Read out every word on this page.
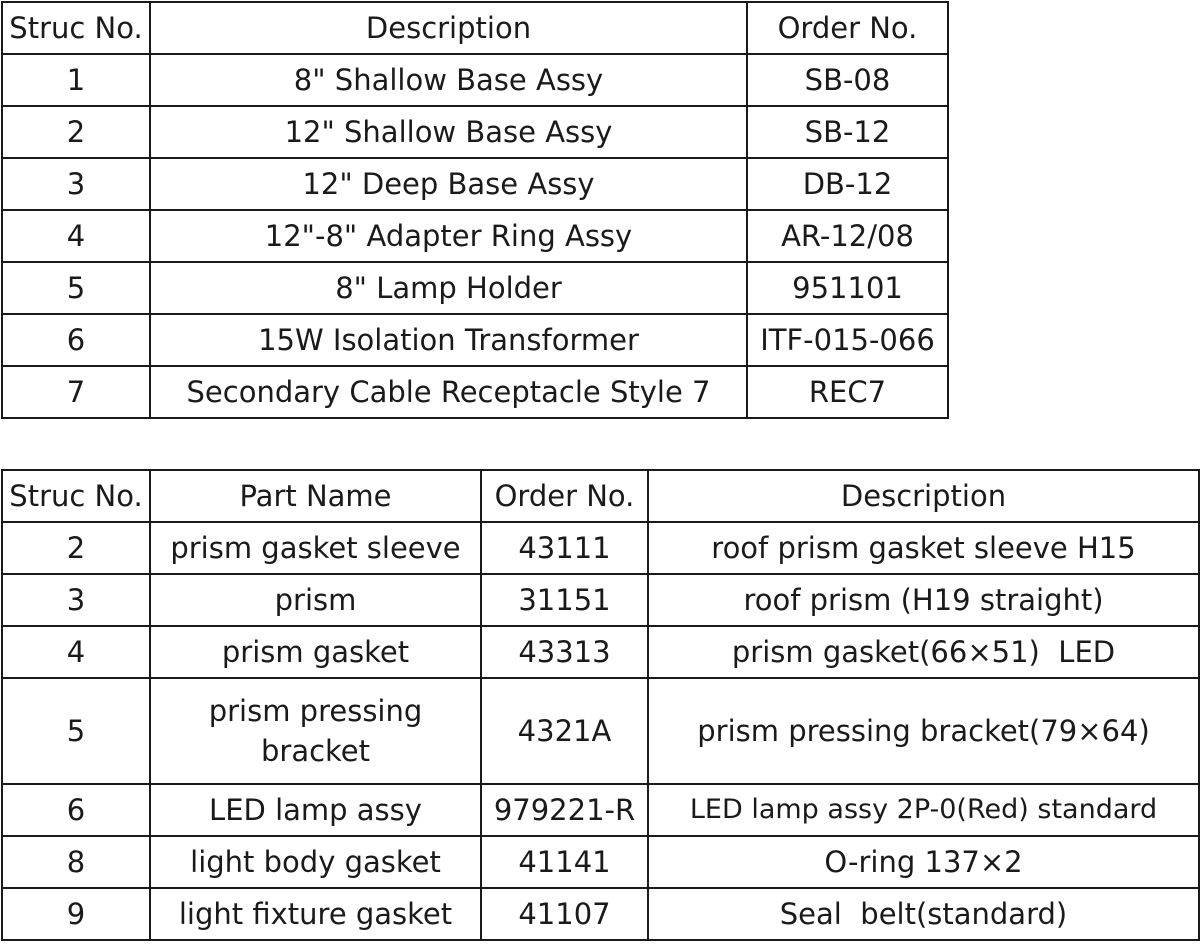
Struc No.	Description	Order No.
1	8" Shallow Base Assy	SB-08
2	12" Shallow Base Assy	SB-12
3	12" Deep Base Assy	DB-12
4	12"-8" Adapter Ring Assy	AR-12/08
5	8" Lamp Holder	951101
6	15W Isolation Transformer	ITF-015-066
7	Secondary Cable Receptacle Style 7	REC7
Struc No.	Part Name	Order No.	Description
2	prism gasket sleeve	43111	roof prism gasket sleeve H15
3	prism	31151	roof prism (H19 straight)
4	prism gasket	43313	prism gasket(66×51)  LED
5	prism pressing bracket	4321A	prism pressing bracket(79×64)
6	LED lamp assy	979221-R	LED lamp assy 2P-0(Red) standard
8	light body gasket	41141	O-ring 137×2
9	light fixture gasket	41107	Seal  belt(standard)
